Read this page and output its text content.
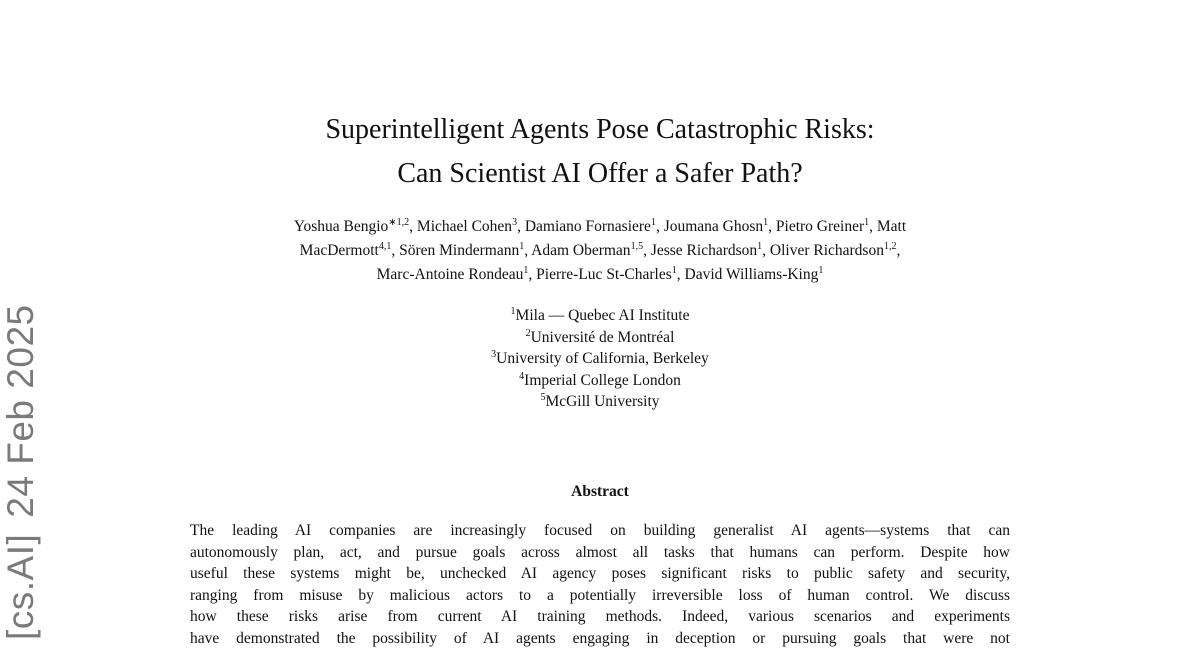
[cs.AI]24 Feb 2025
Superintelligent Agents Pose Catastrophic Risks:
Can Scientist AI Offer a Safer Path?
Yoshua Bengio$^{∗1,2}$, Michael Cohen$^3$, Damiano Fornasiere$^1$, Joumana Ghosn$^1$, Pietro Greiner$^1$, Matt
MacDermott$^{4,1}$, Sören Mindermann$^1$, Adam Oberman$^{1,5}$, Jesse Richardson$^1$, Oliver Richardson$^{1,2}$,
Marc-Antoine Rondeau$^1$, Pierre-Luc St-Charles$^1$, David Williams-King$^1$
$^1$Mila — Quebec AI Institute
$^2$Université de Montréal
$^3$University of California, Berkeley
$^4$Imperial College London
$^5$McGill University
Abstract
The leading AI companies are increasingly focused on building generalist AI agents—systems that can
autonomously plan, act, and pursue goals across almost all tasks that humans can perform. Despite how
useful these systems might be, unchecked AI agency poses significant risks to public safety and security,
ranging from misuse by malicious actors to a potentially irreversible loss of human control. We discuss
how these risks arise from current AI training methods. Indeed, various scenarios and experiments
have demonstrated the possibility of AI agents engaging in deception or pursuing goals that were not
